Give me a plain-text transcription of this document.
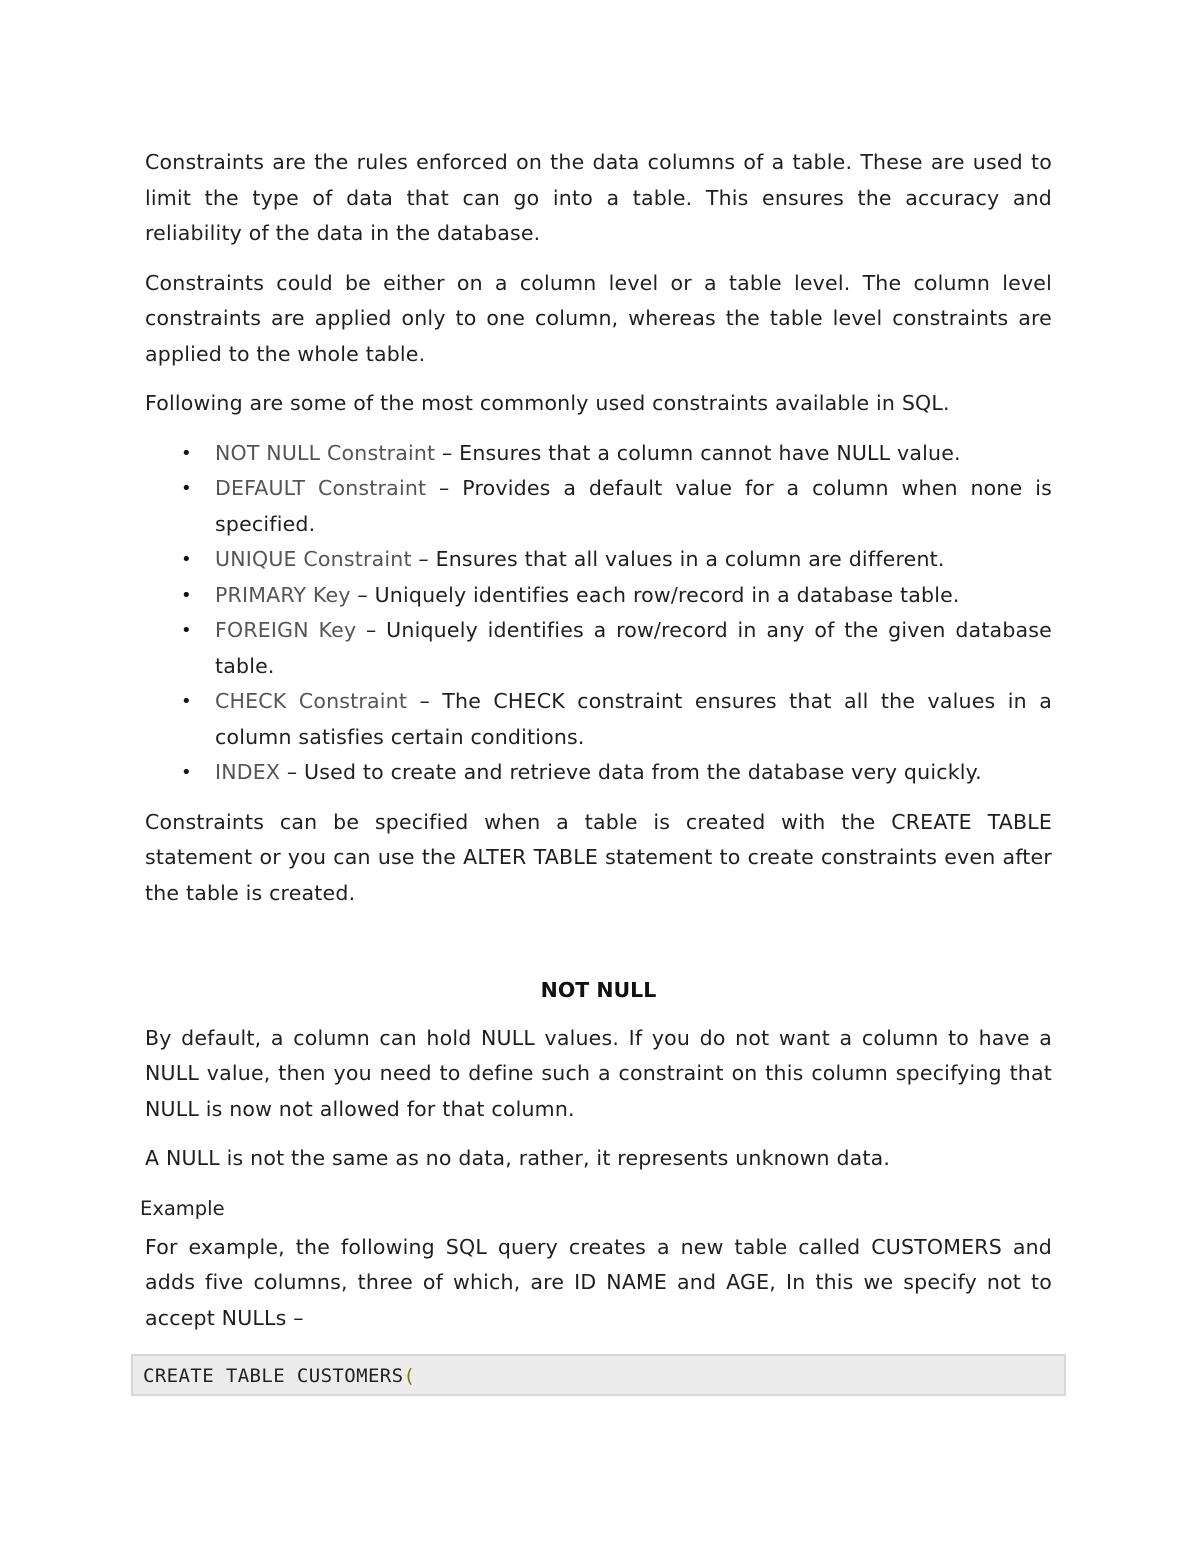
Constraints are the rules enforced on the data columns of a table. These are used to limit the type of data that can go into a table. This ensures the accuracy and reliability of the data in the database.

Constraints could be either on a column level or a table level. The column level constraints are applied only to one column, whereas the table level constraints are applied to the whole table.

Following are some of the most commonly used constraints available in SQL.

• NOT NULL Constraint – Ensures that a column cannot have NULL value.
• DEFAULT Constraint – Provides a default value for a column when none is specified.
• UNIQUE Constraint – Ensures that all values in a column are different.
• PRIMARY Key – Uniquely identifies each row/record in a database table.
• FOREIGN Key – Uniquely identifies a row/record in any of the given database table.
• CHECK Constraint – The CHECK constraint ensures that all the values in a column satisfies certain conditions.
• INDEX – Used to create and retrieve data from the database very quickly.

Constraints can be specified when a table is created with the CREATE TABLE statement or you can use the ALTER TABLE statement to create constraints even after the table is created.

NOT NULL

By default, a column can hold NULL values. If you do not want a column to have a NULL value, then you need to define such a constraint on this column specifying that NULL is now not allowed for that column.

A NULL is not the same as no data, rather, it represents unknown data.

Example

For example, the following SQL query creates a new table called CUSTOMERS and adds five columns, three of which, are ID NAME and AGE, In this we specify not to accept NULLs –

CREATE TABLE CUSTOMERS(
